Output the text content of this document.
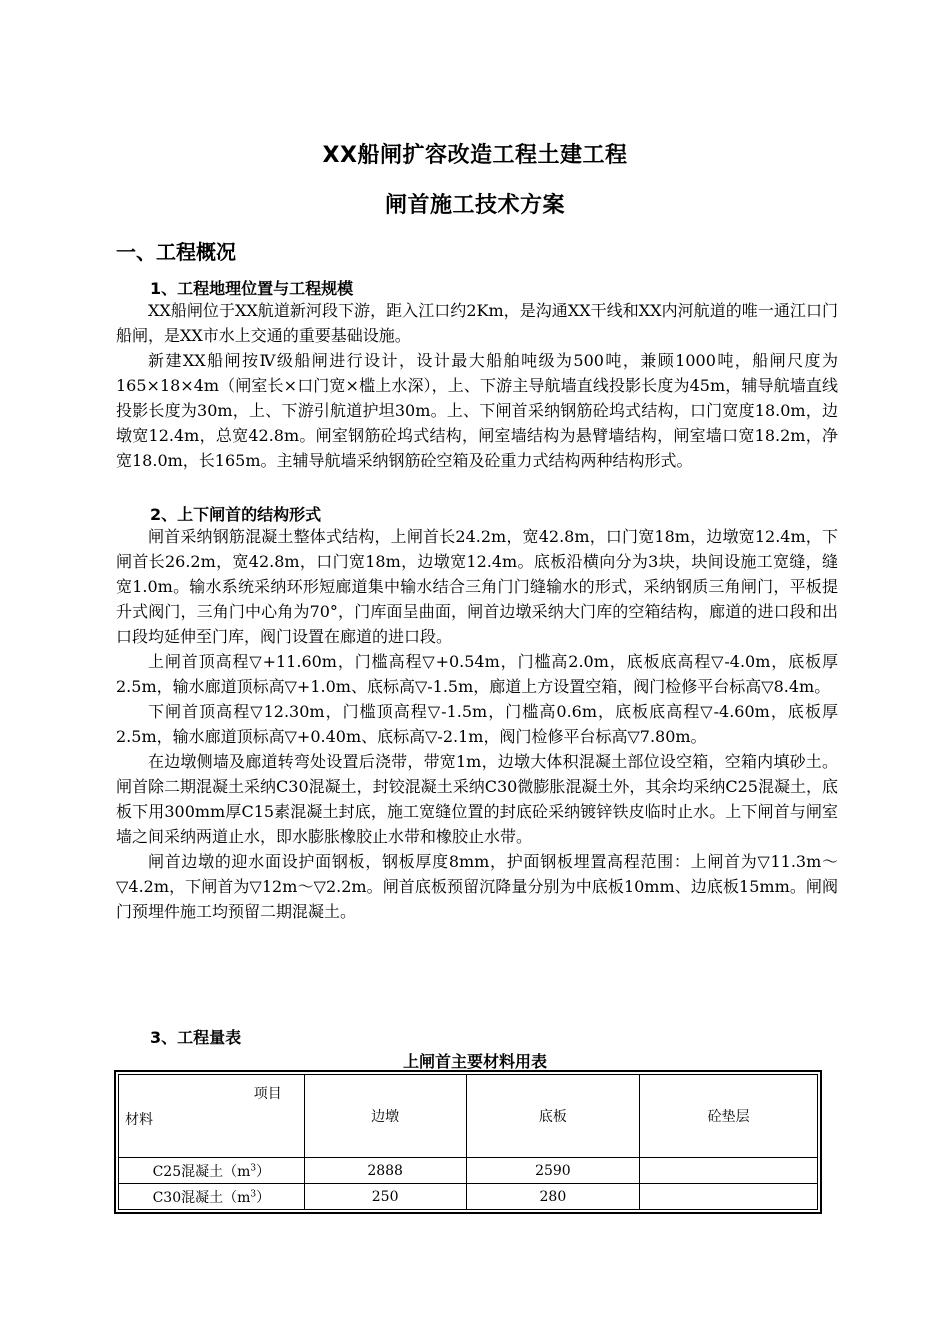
XX船闸扩容改造工程土建工程
闸首施工技术方案
一、工程概况
1、工程地理位置与工程规模

XX船闸位于XX航道新河段下游，距入江口约2Km，是沟通XX干线和XX内河航道的唯一通江口门船闸，是XX市水上交通的重要基础设施。

新建XX船闸按Ⅳ级船闸进行设计，设计最大船舶吨级为500吨，兼顾1000吨，船闸尺度为165×18×4m（闸室长×口门宽×槛上水深），上、下游主导航墙直线投影长度为45m，辅导航墙直线投影长度为30m，上、下游引航道护坦30m。上、下闸首采纳钢筋砼坞式结构，口门宽度18.0m，边墩宽12.4m，总宽42.8m。闸室钢筋砼坞式结构，闸室墙结构为悬臂墙结构，闸室墙口宽18.2m，净宽18.0m，长165m。主辅导航墙采纳钢筋砼空箱及砼重力式结构两种结构形式。

2、上下闸首的结构形式

闸首采纳钢筋混凝土整体式结构，上闸首长24.2m，宽42.8m，口门宽18m，边墩宽12.4m，下闸首长26.2m，宽42.8m，口门宽18m，边墩宽12.4m。底板沿横向分为3块，块间设施工宽缝，缝宽1.0m。输水系统采纳环形短廊道集中输水结合三角门门缝输水的形式，采纳钢质三角闸门，平板提升式阀门，三角门中心角为70°，门库面呈曲面，闸首边墩采纳大门库的空箱结构，廊道的进口段和出口段均延伸至门库，阀门设置在廊道的进口段。

上闸首顶高程▽+11.60m，门槛高程▽+0.54m，门槛高2.0m，底板底高程▽-4.0m，底板厚2.5m，输水廊道顶标高▽+1.0m、底标高▽-1.5m，廊道上方设置空箱，阀门检修平台标高▽8.4m。

下闸首顶高程▽12.30m，门槛顶高程▽-1.5m，门槛高0.6m，底板底高程▽-4.60m，底板厚2.5m，输水廊道顶标高▽+0.40m、底标高▽-2.1m，阀门检修平台标高▽7.80m。

在边墩侧墙及廊道转弯处设置后浇带，带宽1m，边墩大体积混凝土部位设空箱，空箱内填砂土。闸首除二期混凝土采纳C30混凝土，封铰混凝土采纳C30微膨胀混凝土外，其余均采纳C25混凝土，底板下用300mm厚C15素混凝土封底，施工宽缝位置的封底砼采纳镀锌铁皮临时止水。上下闸首与闸室墙之间采纳两道止水，即水膨胀橡胶止水带和橡胶止水带。

闸首边墩的迎水面设护面钢板，钢板厚度8mm，护面钢板埋置高程范围：上闸首为▽11.3m～▽4.2m，下闸首为▽12m～▽2.2m。闸首底板预留沉降量分别为中底板10mm、边底板15mm。闸阀门预埋件施工均预留二期混凝土。

3、工程量表
上闸首主要材料用表
项目
材料	边墩	底板	砼垫层
C25混凝土$(m^3)$	2888	2590	
C30混凝土$(m^3)$	250	280	
